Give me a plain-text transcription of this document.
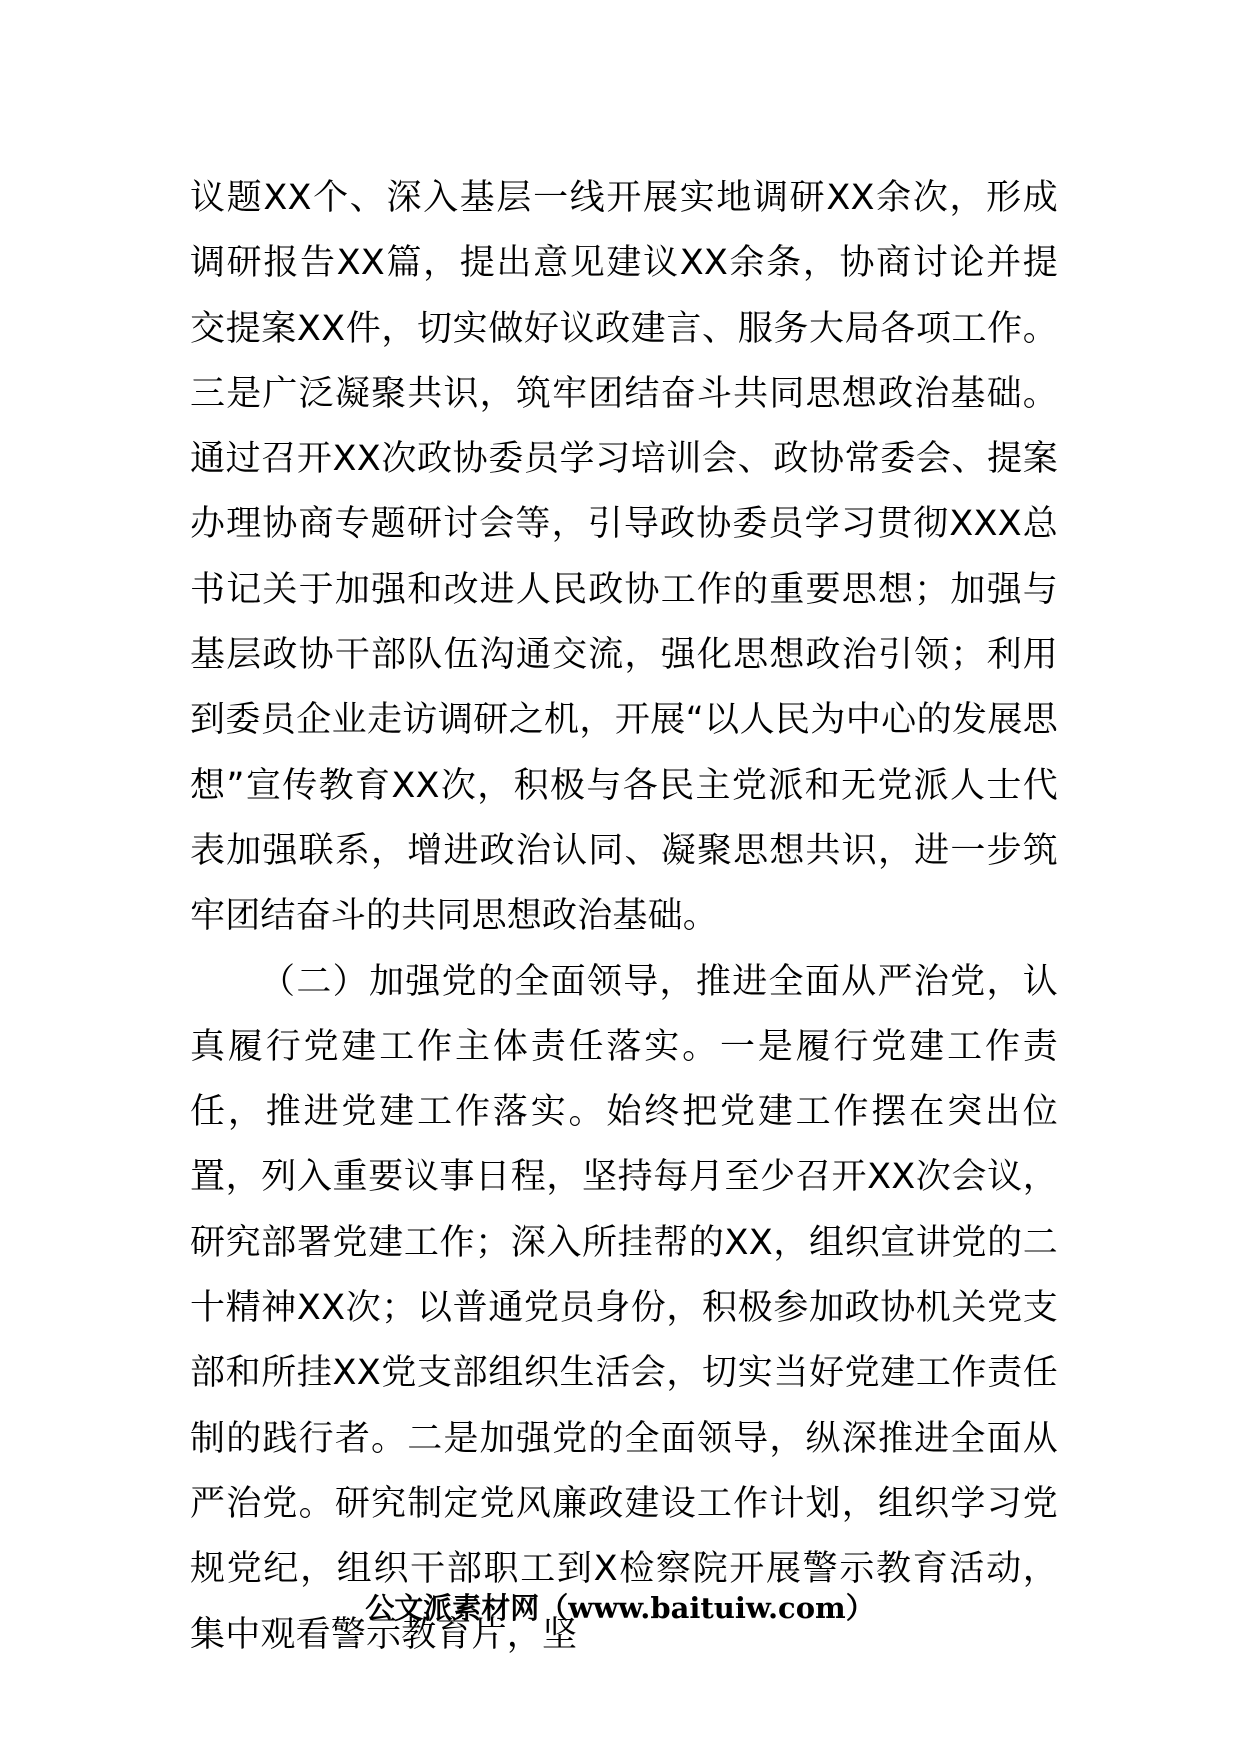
议题XX个、深入基层一线开展实地调研XX余次，形成调研报告XX篇，提出意见建议XX余条，协商讨论并提交提案XX件，切实做好议政建言、服务大局各项工作。三是广泛凝聚共识，筑牢团结奋斗共同思想政治基础。通过召开XX次政协委员学习培训会、政协常委会、提案办理协商专题研讨会等，引导政协委员学习贯彻XXX总书记关于加强和改进人民政协工作的重要思想；加强与基层政协干部队伍沟通交流，强化思想政治引领；利用到委员企业走访调研之机，开展“以人民为中心的发展思想”宣传教育XX次，积极与各民主党派和无党派人士代表加强联系，增进政治认同、凝聚思想共识，进一步筑牢团结奋斗的共同思想政治基础。

（二）加强党的全面领导，推进全面从严治党，认真履行党建工作主体责任落实。一是履行党建工作责任，推进党建工作落实。始终把党建工作摆在突出位置，列入重要议事日程，坚持每月至少召开XX次会议，研究部署党建工作；深入所挂帮的XX，组织宣讲党的二十精神XX次；以普通党员身份，积极参加政协机关党支部和所挂XX党支部组织生活会，切实当好党建工作责任制的践行者。二是加强党的全面领导，纵深推进全面从严治党。研究制定党风廉政建设工作计划，组织学习党规党纪，组织干部职工到X检察院开展警示教育活动，集中观看警示教育片，坚

公文派素材网（www.baituiw.com）
